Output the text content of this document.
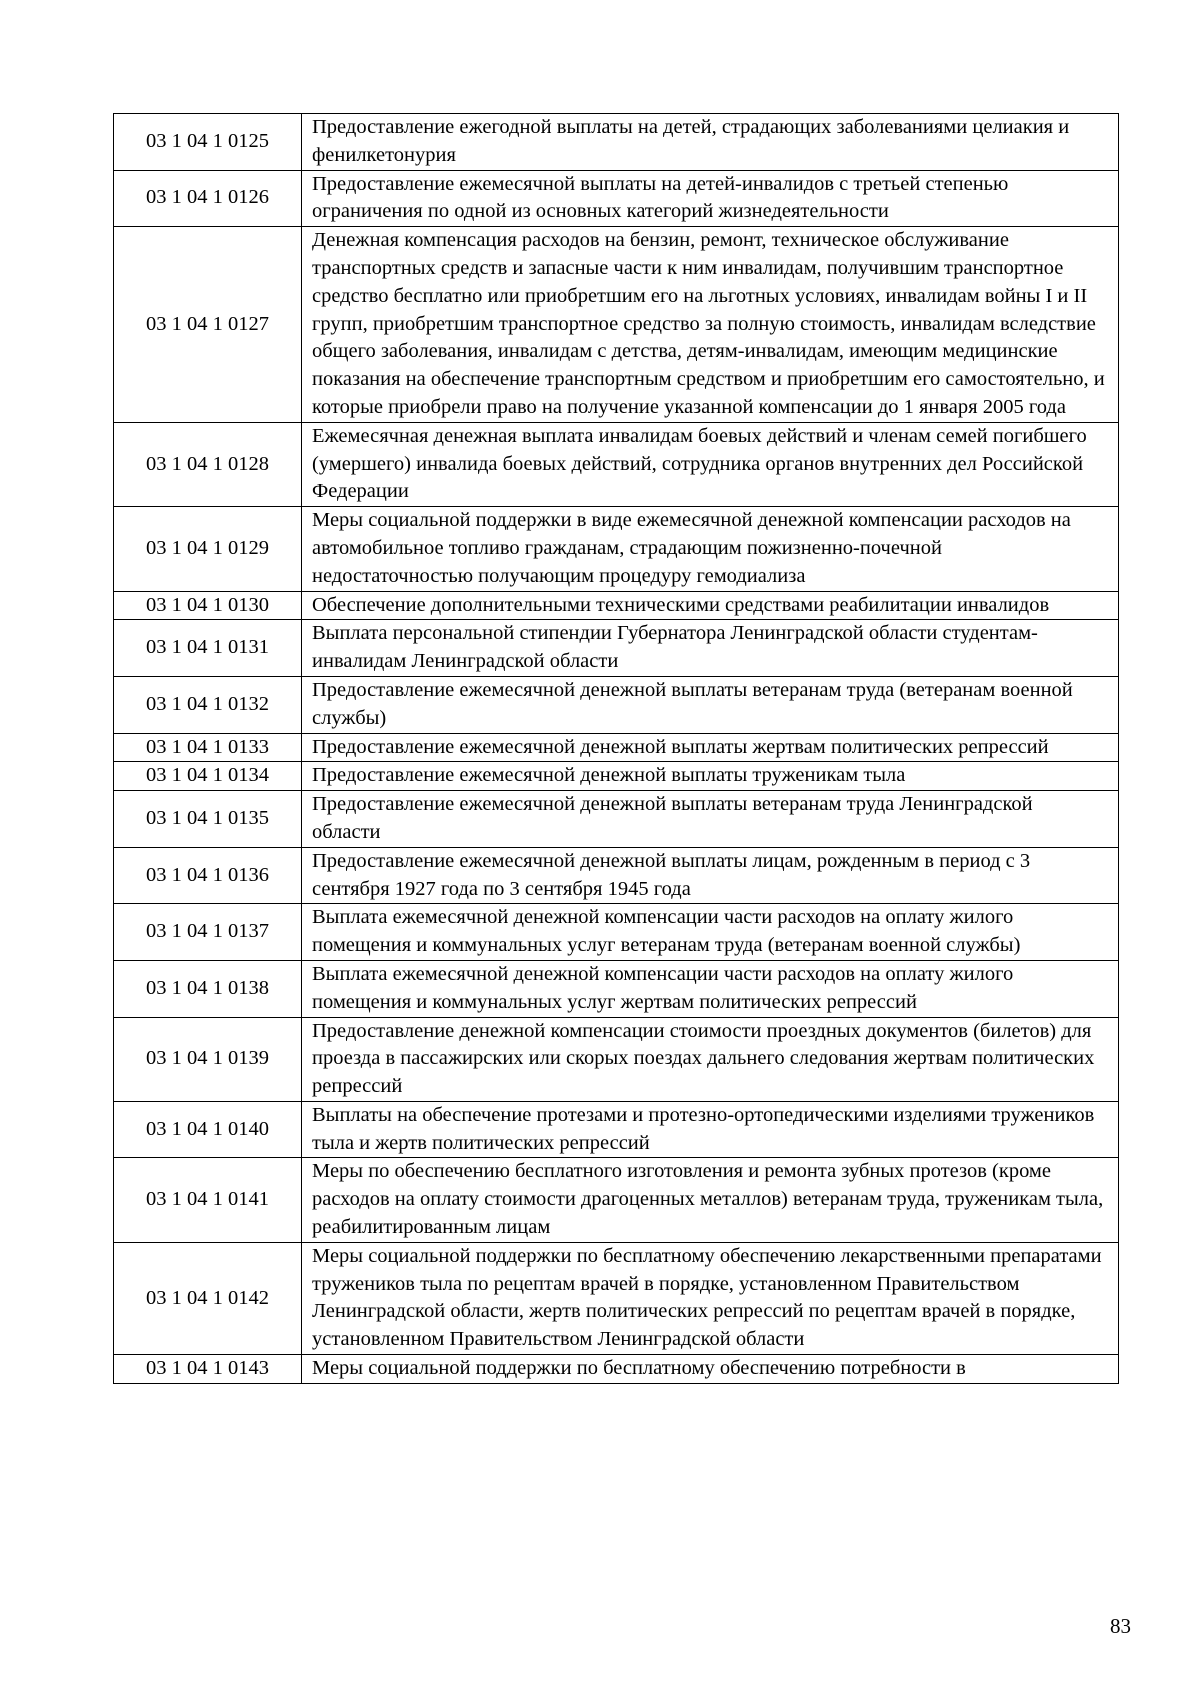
03 1 04 1 0125	Предоставление ежегодной выплаты на детей, страдающих заболеваниями целиакия и фенилкетонурия
03 1 04 1 0126	Предоставление ежемесячной выплаты на детей-инвалидов с третьей степенью ограничения по одной из основных категорий жизнедеятельности
03 1 04 1 0127	Денежная компенсация расходов на бензин, ремонт, техническое обслуживание транспортных средств и запасные части к ним инвалидам, получившим транспортное средство бесплатно или приобретшим его на льготных условиях, инвалидам войны I и II групп, приобретшим транспортное средство за полную стоимость, инвалидам вследствие общего заболевания, инвалидам с детства, детям-инвалидам, имеющим медицинские показания на обеспечение транспортным средством и приобретшим его самостоятельно, и которые приобрели право на получение указанной компенсации до 1 января 2005 года
03 1 04 1 0128	Ежемесячная денежная выплата инвалидам боевых действий и членам семей погибшего (умершего) инвалида боевых действий, сотрудника органов внутренних дел Российской Федерации
03 1 04 1 0129	Меры социальной поддержки в виде ежемесячной денежной компенсации расходов на автомобильное топливо гражданам, страдающим пожизненно-почечной недостаточностью получающим процедуру гемодиализа
03 1 04 1 0130	Обеспечение дополнительными техническими средствами реабилитации инвалидов
03 1 04 1 0131	Выплата персональной стипендии Губернатора Ленинградской области студентам-инвалидам Ленинградской области
03 1 04 1 0132	Предоставление ежемесячной денежной выплаты ветеранам труда (ветеранам военной службы)
03 1 04 1 0133	Предоставление ежемесячной денежной выплаты жертвам политических репрессий
03 1 04 1 0134	Предоставление ежемесячной денежной выплаты труженикам тыла
03 1 04 1 0135	Предоставление ежемесячной денежной выплаты ветеранам труда Ленинградской области
03 1 04 1 0136	Предоставление ежемесячной денежной выплаты лицам, рожденным в период с 3 сентября 1927 года по 3 сентября 1945 года
03 1 04 1 0137	Выплата ежемесячной денежной компенсации части расходов на оплату жилого помещения и коммунальных услуг ветеранам труда (ветеранам военной службы)
03 1 04 1 0138	Выплата ежемесячной денежной компенсации части расходов на оплату жилого помещения и коммунальных услуг жертвам политических репрессий
03 1 04 1 0139	Предоставление денежной компенсации стоимости проездных документов (билетов) для проезда в пассажирских или скорых поездах дальнего следования жертвам политических репрессий
03 1 04 1 0140	Выплаты на обеспечение протезами и протезно-ортопедическими изделиями тружеников тыла и жертв политических репрессий
03 1 04 1 0141	Меры по обеспечению бесплатного изготовления и ремонта зубных протезов (кроме расходов на оплату стоимости драгоценных металлов) ветеранам труда, труженикам тыла, реабилитированным лицам
03 1 04 1 0142	Меры социальной поддержки по бесплатному обеспечению лекарственными препаратами тружеников тыла по рецептам врачей в порядке, установленном Правительством Ленинградской области, жертв политических репрессий по рецептам врачей в порядке, установленном Правительством Ленинградской области
03 1 04 1 0143	Меры социальной поддержки по бесплатному обеспечению потребности в
83
